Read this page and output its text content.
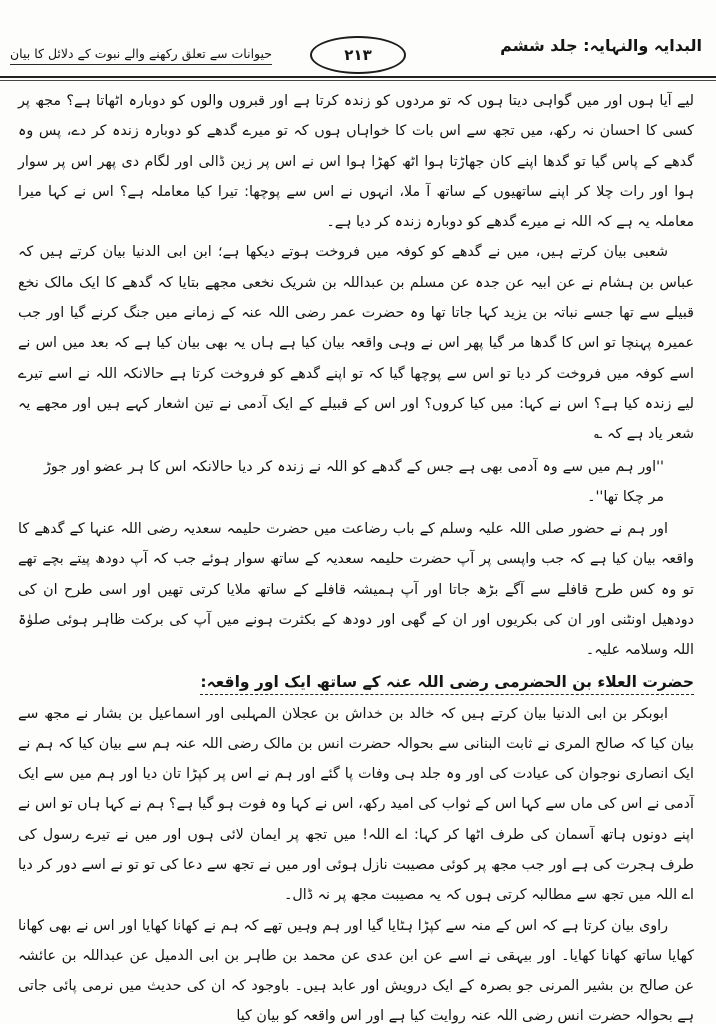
البدایہ والنہایہ: جلد ششم
۲۱۳
حیوانات سے تعلق رکھنے والے نبوت کے دلائل کا بیان

لیے آیا ہوں اور میں گواہی دیتا ہوں کہ تو مردوں کو زندہ کرتا ہے اور قبروں والوں کو دوبارہ اٹھاتا ہے؟ مجھ پر کسی کا احسان نہ رکھ، میں تجھ سے اس بات کا خواہاں ہوں کہ تو میرے گدھے کو دوبارہ زندہ کر دے، پس وہ گدھے کے پاس گیا تو گدھا اپنے کان جھاڑتا ہوا اٹھ کھڑا ہوا اس نے اس پر زین ڈالی اور لگام دی پھر اس پر سوار ہوا اور رات چلا کر اپنے ساتھیوں کے ساتھ آ ملا، انہوں نے اس سے پوچھا: تیرا کیا معاملہ ہے؟ اس نے کہا میرا معاملہ یہ ہے کہ اللہ نے میرے گدھے کو دوبارہ زندہ کر دیا ہے۔

شعبی بیان کرتے ہیں، میں نے گدھے کو کوفہ میں فروخت ہوتے دیکھا ہے؛ ابن ابی الدنیا بیان کرتے ہیں کہ عباس بن ہشام نے عن ابیہ عن جدہ عن مسلم بن عبداللہ بن شریک نخعی مجھے بتایا کہ گدھے کا ایک مالک نخع قبیلے سے تھا جسے نباتہ بن یزید کہا جاتا تھا وہ حضرت عمر رضی اللہ عنہ کے زمانے میں جنگ کرنے گیا اور جب عمیرہ پہنچا تو اس کا گدھا مر گیا پھر اس نے وہی واقعہ بیان کیا ہے ہاں یہ بھی بیان کیا ہے کہ بعد میں اس نے اسے کوفہ میں فروخت کر دیا تو اس سے پوچھا گیا کہ تو اپنے گدھے کو فروخت کرتا ہے حالانکہ اللہ نے اسے تیرے لیے زندہ کیا ہے؟ اس نے کہا: میں کیا کروں؟ اور اس کے قبیلے کے ایک آدمی نے تین اشعار کہے ہیں اور مجھے یہ شعر یاد ہے کہ ؎

''اور ہم میں سے وہ آدمی بھی ہے جس کے گدھے کو اللہ نے زندہ کر دیا حالانکہ اس کا ہر عضو اور جوڑ مر چکا تھا''۔

اور ہم نے حضور صلی اللہ علیہ وسلم کے باب رضاعت میں حضرت حلیمہ سعدیہ رضی اللہ عنہا کے گدھے کا واقعہ بیان کیا ہے کہ جب واپسی پر آپ حضرت حلیمہ سعدیہ کے ساتھ سوار ہوئے جب کہ آپ دودھ پیتے بچے تھے تو وہ کس طرح قافلے سے آگے بڑھ جاتا اور آپ ہمیشہ قافلے کے ساتھ ملایا کرتی تھیں اور اسی طرح ان کی دودھیل اونٹنی اور ان کی بکریوں اور ان کے گھی اور دودھ کے بکثرت ہونے میں آپ کی برکت ظاہر ہوئی صلوٰۃ اللہ وسلامہ علیہ۔

حضرت العلاء بن الحضرمی رضی اللہ عنہ کے ساتھ ایک اور واقعہ:

ابوبکر بن ابی الدنیا بیان کرتے ہیں کہ خالد بن خداش بن عجلان المہلبی اور اسماعیل بن بشار نے مجھ سے بیان کیا کہ صالح المری نے ثابت البنانی سے بحوالہ حضرت انس بن مالک رضی اللہ عنہ ہم سے بیان کیا کہ ہم نے ایک انصاری نوجوان کی عیادت کی اور وہ جلد ہی وفات پا گئے اور ہم نے اس پر کپڑا تان دیا اور ہم میں سے ایک آدمی نے اس کی ماں سے کہا اس کے ثواب کی امید رکھ، اس نے کہا وہ فوت ہو گیا ہے؟ ہم نے کہا ہاں تو اس نے اپنے دونوں ہاتھ آسمان کی طرف اٹھا کر کہا: اے اللہ! میں تجھ پر ایمان لائی ہوں اور میں نے تیرے رسول کی طرف ہجرت کی ہے اور جب مجھ پر کوئی مصیبت نازل ہوئی اور میں نے تجھ سے دعا کی تو تو نے اسے دور کر دیا اے اللہ میں تجھ سے مطالبہ کرتی ہوں کہ یہ مصیبت مجھ پر نہ ڈال۔

راوی بیان کرتا ہے کہ اس کے منہ سے کپڑا ہٹایا گیا اور ہم وہیں تھے کہ ہم نے کھانا کھایا اور اس نے بھی کھانا کھایا ساتھ کھانا کھایا۔ اور بیہقی نے اسے عن ابن عدی عن محمد بن طاہر بن ابی الدمیل عن عبداللہ بن عائشہ عن صالح بن بشیر المرنی جو بصرہ کے ایک درویش اور عابد ہیں۔ باوجود کہ ان کی حدیث میں نرمی پائی جاتی ہے بحوالہ حضرت انس رضی اللہ عنہ روایت کیا ہے اور اس واقعہ کو بیان کیا
